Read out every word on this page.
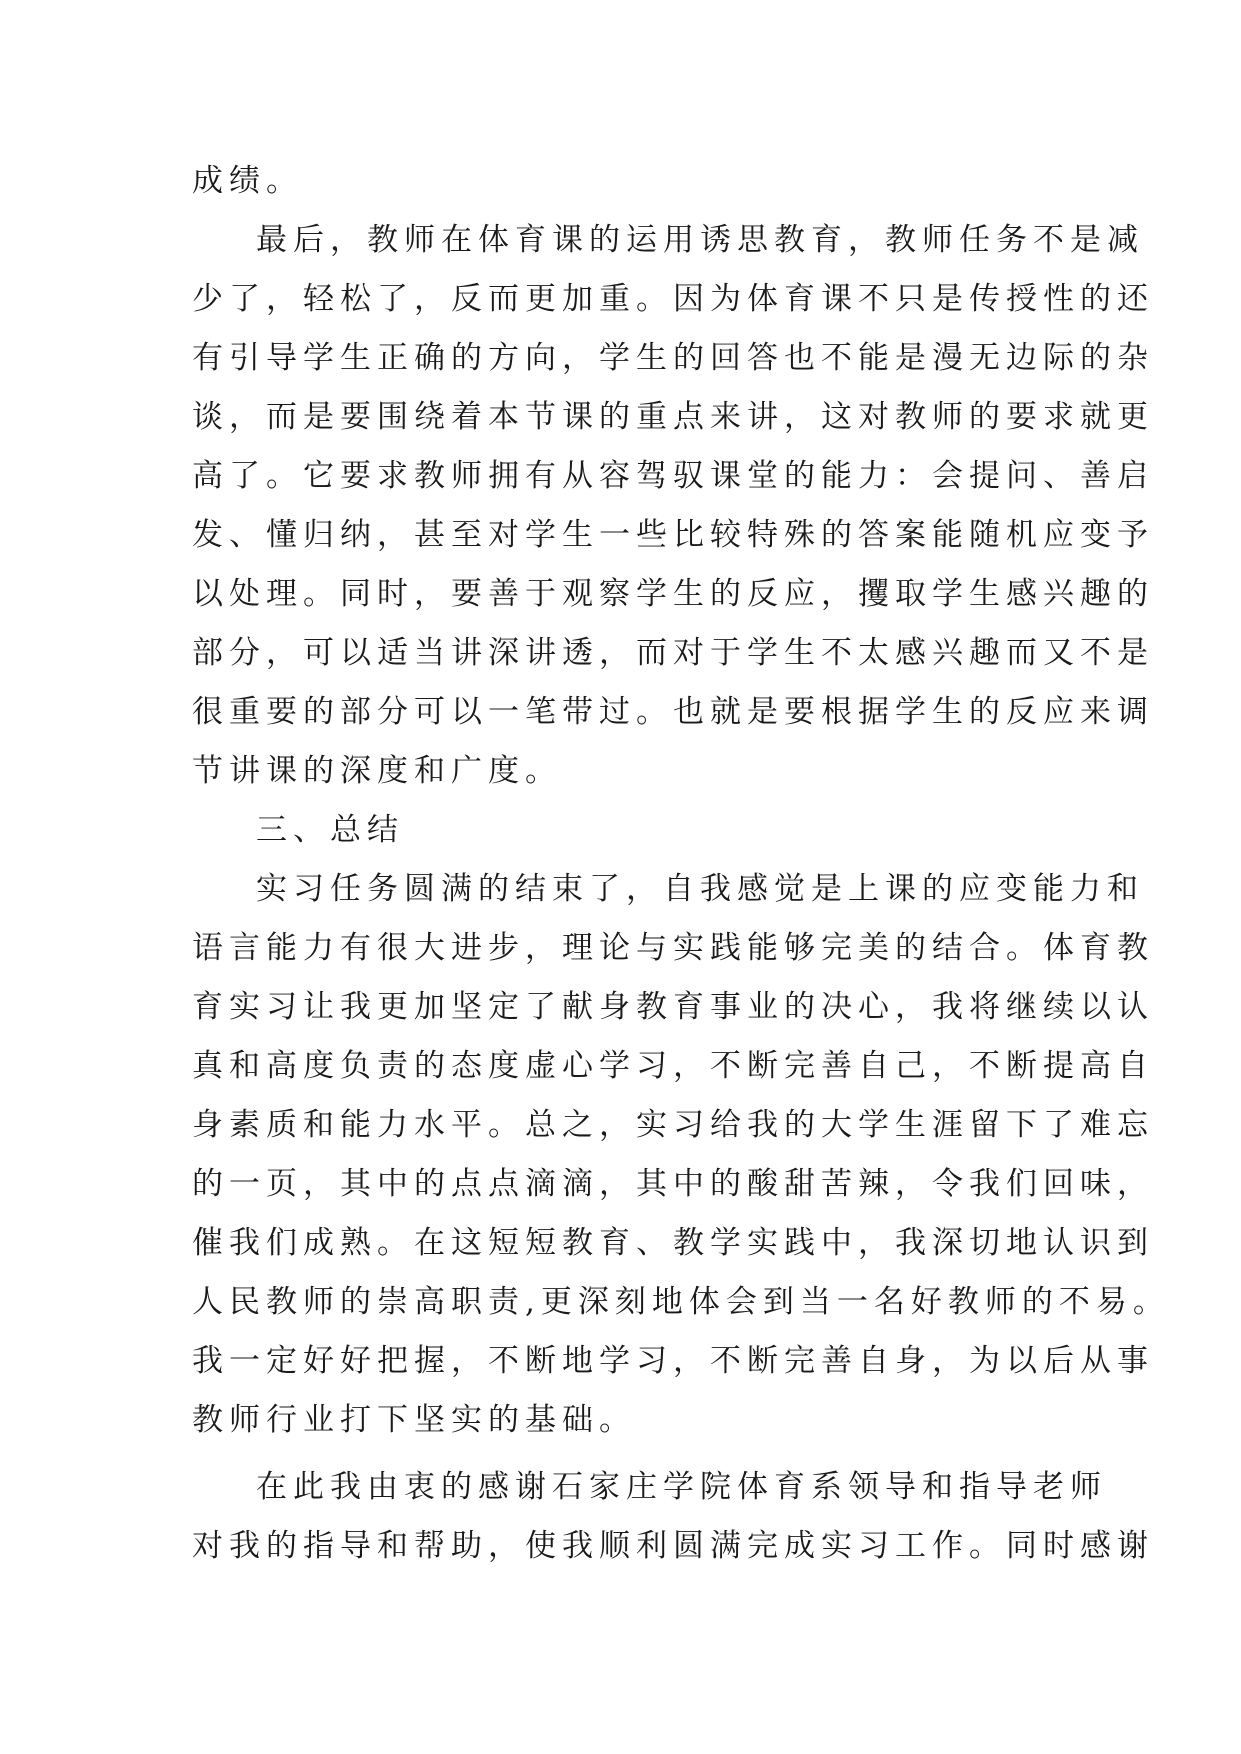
成绩。
最后，教师在体育课的运用诱思教育，教师任务不是减
少了，轻松了，反而更加重。因为体育课不只是传授性的还
有引导学生正确的方向，学生的回答也不能是漫无边际的杂
谈，而是要围绕着本节课的重点来讲，这对教师的要求就更
高了。它要求教师拥有从容驾驭课堂的能力：会提问、善启
发、懂归纳，甚至对学生一些比较特殊的答案能随机应变予
以处理。同时，要善于观察学生的反应，攫取学生感兴趣的
部分，可以适当讲深讲透，而对于学生不太感兴趣而又不是
很重要的部分可以一笔带过。也就是要根据学生的反应来调
节讲课的深度和广度。
三、总结
实习任务圆满的结束了，自我感觉是上课的应变能力和
语言能力有很大进步，理论与实践能够完美的结合。体育教
育实习让我更加坚定了献身教育事业的决心，我将继续以认
真和高度负责的态度虚心学习，不断完善自己，不断提高自
身素质和能力水平。总之，实习给我的大学生涯留下了难忘
的一页，其中的点点滴滴，其中的酸甜苦辣，令我们回味，
催我们成熟。在这短短教育、教学实践中，我深切地认识到
人民教师的崇高职责,更深刻地体会到当一名好教师的不易。
我一定好好把握，不断地学习，不断完善自身，为以后从事
教师行业打下坚实的基础。
在此我由衷的感谢石家庄学院体育系领导和指导老师
对我的指导和帮助，使我顺利圆满完成实习工作。同时感谢
